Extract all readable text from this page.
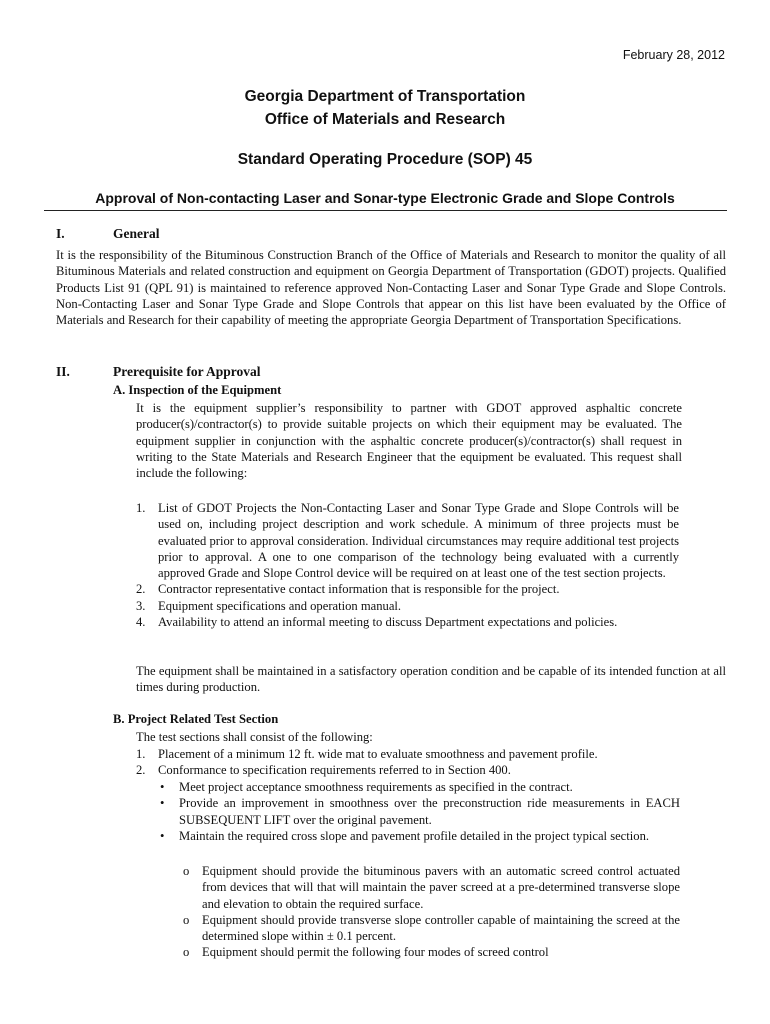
February 28, 2012
Georgia Department of Transportation
Office of Materials and Research
Standard Operating Procedure (SOP) 45
Approval of Non-contacting Laser and Sonar-type Electronic Grade and Slope Controls
I.	General
It is the responsibility of the Bituminous Construction Branch of the Office of Materials and Research to monitor the quality of all Bituminous Materials and related construction and equipment on Georgia Department of Transportation (GDOT) projects. Qualified Products List 91 (QPL 91) is maintained to reference approved Non-Contacting Laser and Sonar Type Grade and Slope Controls. Non-Contacting Laser and Sonar Type Grade and Slope Controls that appear on this list have been evaluated by the Office of Materials and Research for their capability of meeting the appropriate Georgia Department of Transportation Specifications.
II.	Prerequisite for Approval
A. Inspection of the Equipment
It is the equipment supplier’s responsibility to partner with GDOT approved asphaltic concrete producer(s)/contractor(s) to provide suitable projects on which their equipment may be evaluated. The equipment supplier in conjunction with the asphaltic concrete producer(s)/contractor(s) shall request in writing to the State Materials and Research Engineer that the equipment be evaluated. This request shall include the following:
1. List of GDOT Projects the Non-Contacting Laser and Sonar Type Grade and Slope Controls will be used on, including project description and work schedule. A minimum of three projects must be evaluated prior to approval consideration. Individual circumstances may require additional test projects prior to approval. A one to one comparison of the technology being evaluated with a currently approved Grade and Slope Control device will be required on at least one of the test section projects.
2. Contractor representative contact information that is responsible for the project.
3. Equipment specifications and operation manual.
4. Availability to attend an informal meeting to discuss Department expectations and policies.
The equipment shall be maintained in a satisfactory operation condition and be capable of its intended function at all times during production.
B. Project Related Test Section
The test sections shall consist of the following:
1. Placement of a minimum 12 ft. wide mat to evaluate smoothness and pavement profile.
2. Conformance to specification requirements referred to in Section 400.
• Meet project acceptance smoothness requirements as specified in the contract.
• Provide an improvement in smoothness over the preconstruction ride measurements in EACH SUBSEQUENT LIFT over the original pavement.
• Maintain the required cross slope and pavement profile detailed in the project typical section.
o Equipment should provide the bituminous pavers with an automatic screed control actuated from devices that will that will maintain the paver screed at a pre-determined transverse slope and elevation to obtain the required surface.
o Equipment should provide transverse slope controller capable of maintaining the screed at the determined slope within ± 0.1 percent.
o Equipment should permit the following four modes of screed control
